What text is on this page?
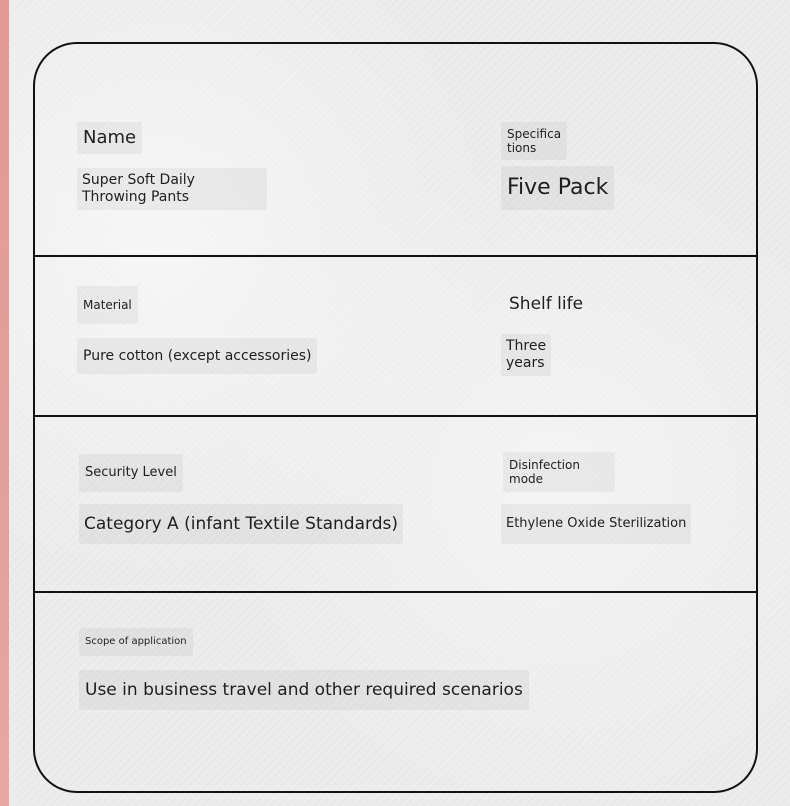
Name
Super Soft Daily
Throwing Pants
Specifica
tions
Five Pack
Material
Pure cotton (except accessories)
Shelf life
Three
years
Security Level
Category A (infant Textile Standards)
Disinfection
mode
Ethylene Oxide Sterilization
Scope of application
Use in business travel and other required scenarios
